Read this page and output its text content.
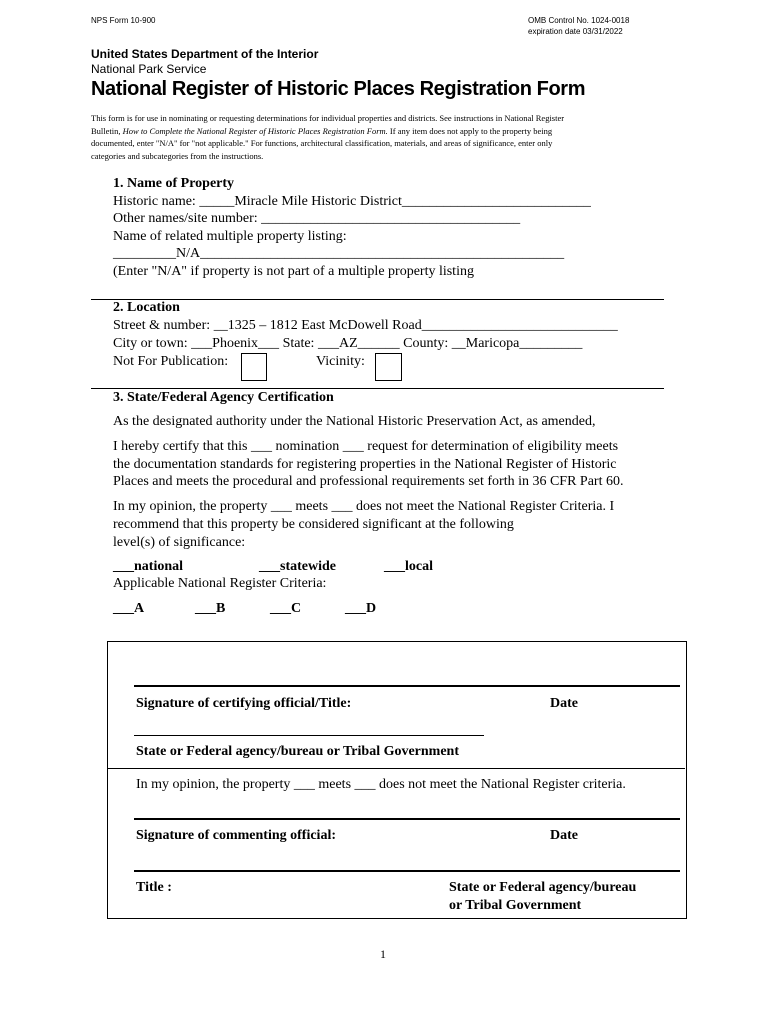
NPS Form 10-900	OMB Control No. 1024-0018
expiration date 03/31/2022
United States Department of the Interior
National Park Service
National Register of Historic Places Registration Form
This form is for use in nominating or requesting determinations for individual properties and districts. See instructions in National Register
Bulletin, How to Complete the National Register of Historic Places Registration Form. If any item does not apply to the property being
documented, enter "N/A" for "not applicable." For functions, architectural classification, materials, and areas of significance, enter only
categories and subcategories from the instructions.
1. Name of Property
Historic name: _____Miracle Mile Historic District___________________________
Other names/site number: _____________________________________
Name of related multiple property listing:
_________N/A____________________________________________________
(Enter "N/A" if property is not part of a multiple property listing
2. Location
Street & number: __1325 – 1812 East McDowell Road____________________________
City or town: ___Phoenix___ State: ___AZ______ County: __Maricopa_________
Not For Publication:	Vicinity:
3. State/Federal Agency Certification
As the designated authority under the National Historic Preservation Act, as amended,
I hereby certify that this ___ nomination ___ request for determination of eligibility meets
the documentation standards for registering properties in the National Register of Historic
Places and meets the procedural and professional requirements set forth in 36 CFR Part 60.
In my opinion, the property ___ meets ___ does not meet the National Register Criteria. I
recommend that this property be considered significant at the following
level(s) of significance:
___national	___statewide	___local
Applicable National Register Criteria:
___A	___B	___C	___D
Signature of certifying official/Title:	Date
State or Federal agency/bureau or Tribal Government
In my opinion, the property ___ meets ___ does not meet the National Register criteria.
Signature of commenting official:	Date
Title :	State or Federal agency/bureau
or Tribal Government
1
